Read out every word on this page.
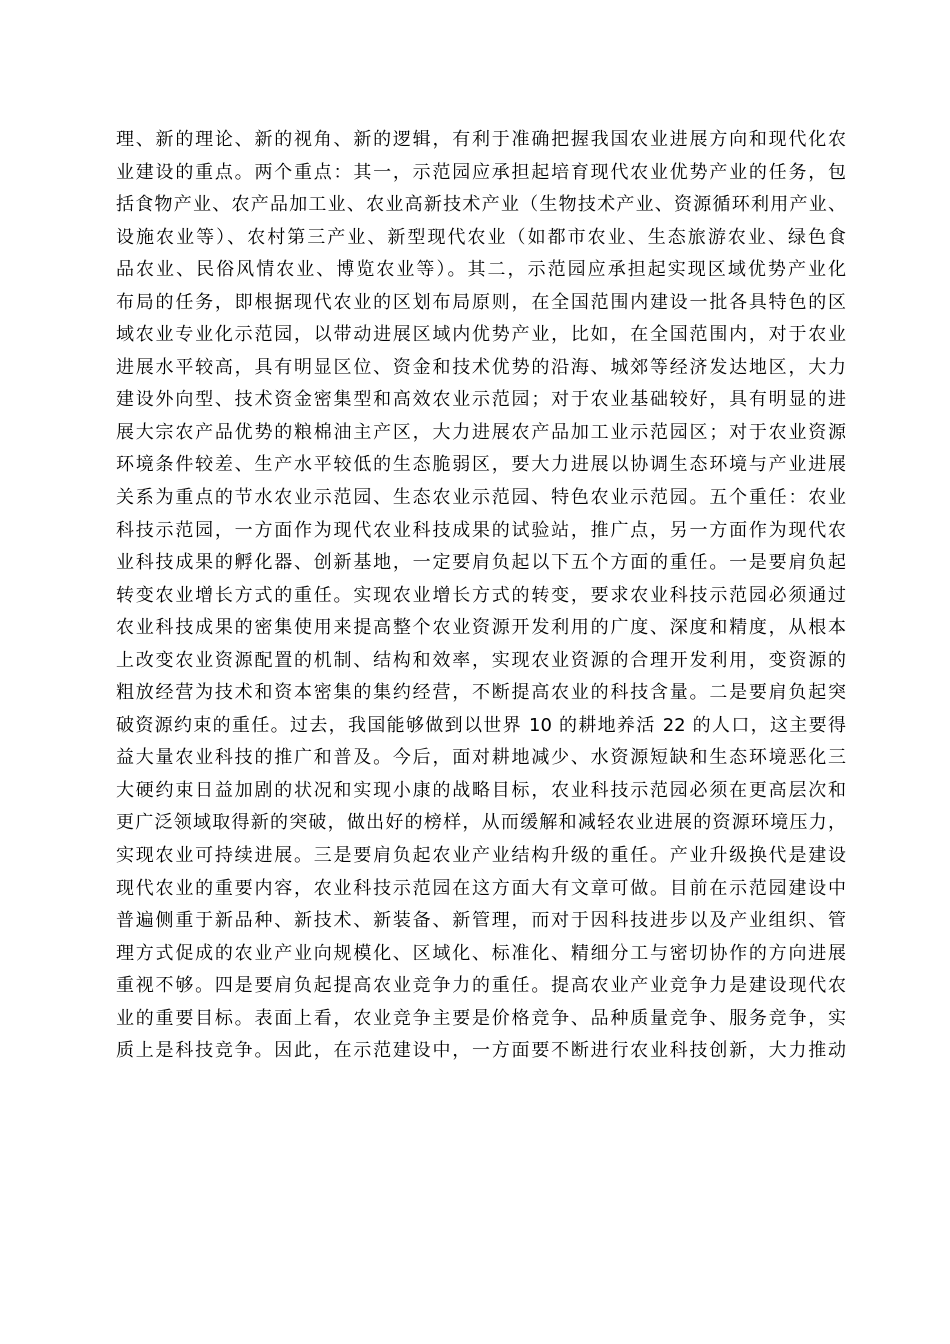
理、新的理论、新的视角、新的逻辑，有利于准确把握我国农业进展方向和现代化农
业建设的重点。两个重点：其一，示范园应承担起培育现代农业优势产业的任务，包
括食物产业、农产品加工业、农业高新技术产业（生物技术产业、资源循环利用产业、
设施农业等）、农村第三产业、新型现代农业（如都市农业、生态旅游农业、绿色食
品农业、民俗风情农业、博览农业等）。其二，示范园应承担起实现区域优势产业化
布局的任务，即根据现代农业的区划布局原则，在全国范围内建设一批各具特色的区
域农业专业化示范园，以带动进展区域内优势产业，比如，在全国范围内，对于农业
进展水平较高，具有明显区位、资金和技术优势的沿海、城郊等经济发达地区，大力
建设外向型、技术资金密集型和高效农业示范园；对于农业基础较好，具有明显的进
展大宗农产品优势的粮棉油主产区，大力进展农产品加工业示范园区；对于农业资源
环境条件较差、生产水平较低的生态脆弱区，要大力进展以协调生态环境与产业进展
关系为重点的节水农业示范园、生态农业示范园、特色农业示范园。五个重任：农业
科技示范园，一方面作为现代农业科技成果的试验站，推广点，另一方面作为现代农
业科技成果的孵化器、创新基地，一定要肩负起以下五个方面的重任。一是要肩负起
转变农业增长方式的重任。实现农业增长方式的转变，要求农业科技示范园必须通过
农业科技成果的密集使用来提高整个农业资源开发利用的广度、深度和精度，从根本
上改变农业资源配置的机制、结构和效率，实现农业资源的合理开发利用，变资源的
粗放经营为技术和资本密集的集约经营，不断提高农业的科技含量。二是要肩负起突
破资源约束的重任。过去，我国能够做到以世界 10 的耕地养活 22 的人口，这主要得
益大量农业科技的推广和普及。今后，面对耕地减少、水资源短缺和生态环境恶化三
大硬约束日益加剧的状况和实现小康的战略目标，农业科技示范园必须在更高层次和
更广泛领域取得新的突破，做出好的榜样，从而缓解和减轻农业进展的资源环境压力，
实现农业可持续进展。三是要肩负起农业产业结构升级的重任。产业升级换代是建设
现代农业的重要内容，农业科技示范园在这方面大有文章可做。目前在示范园建设中
普遍侧重于新品种、新技术、新装备、新管理，而对于因科技进步以及产业组织、管
理方式促成的农业产业向规模化、区域化、标准化、精细分工与密切协作的方向进展
重视不够。四是要肩负起提高农业竞争力的重任。提高农业产业竞争力是建设现代农
业的重要目标。表面上看，农业竞争主要是价格竞争、品种质量竞争、服务竞争，实
质上是科技竞争。因此，在示范建设中，一方面要不断进行农业科技创新，大力推动
